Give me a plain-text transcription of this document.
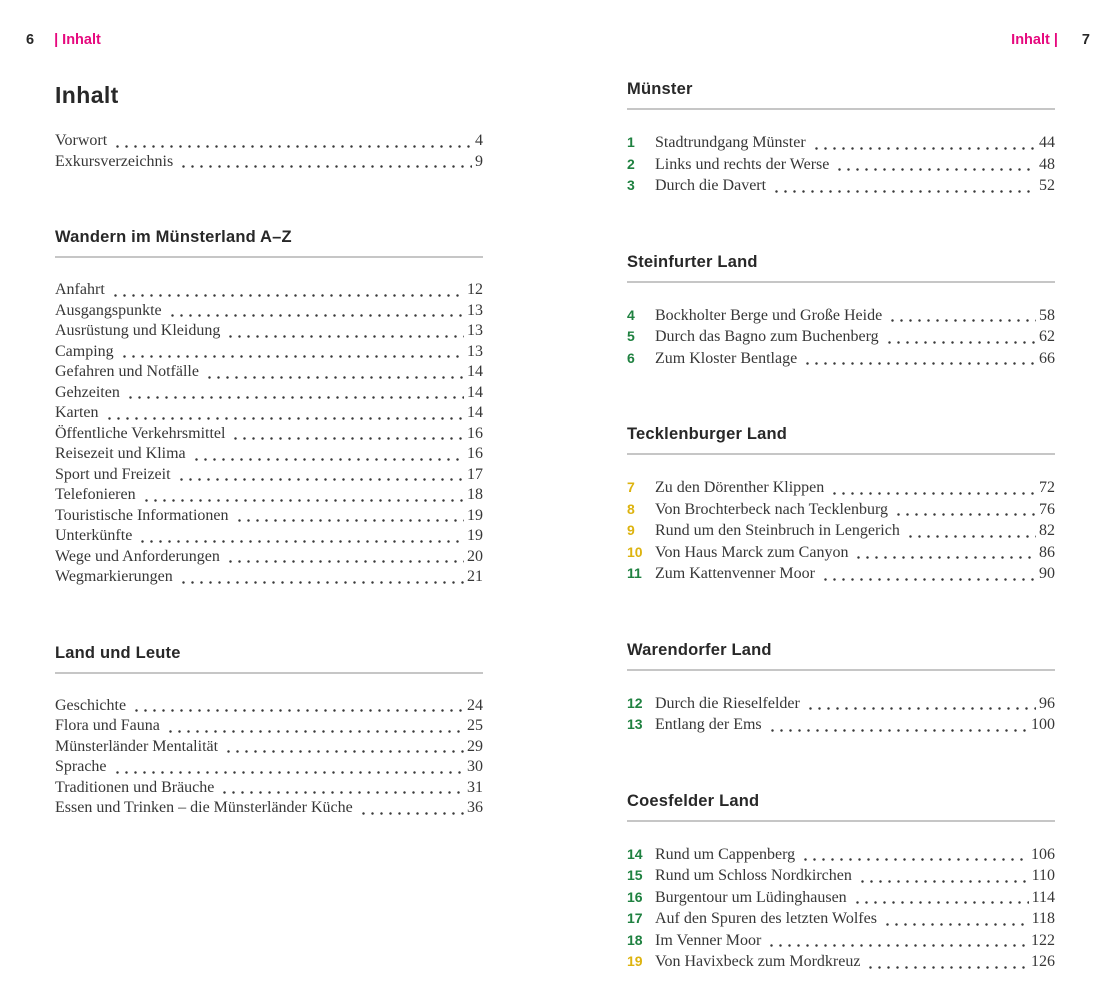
6 | Inhalt	Inhalt | 7
Inhalt
Vorwort	4
Exkursverzeichnis	9
Wandern im Münsterland A–Z
Anfahrt	12
Ausgangspunkte	13
Ausrüstung und Kleidung	13
Camping	13
Gefahren und Notfälle	14
Gehzeiten	14
Karten	14
Öffentliche Verkehrsmittel	16
Reisezeit und Klima	16
Sport und Freizeit	17
Telefonieren	18
Touristische Informationen	19
Unterkünfte	19
Wege und Anforderungen	20
Wegmarkierungen	21
Land und Leute
Geschichte	24
Flora und Fauna	25
Münsterländer Mentalität	29
Sprache	30
Traditionen und Bräuche	31
Essen und Trinken – die Münsterländer Küche	36
Münster
1	Stadtrundgang Münster	44
2	Links und rechts der Werse	48
3	Durch die Davert	52
Steinfurter Land
4	Bockholter Berge und Große Heide	58
5	Durch das Bagno zum Buchenberg	62
6	Zum Kloster Bentlage	66
Tecklenburger Land
7	Zu den Dörenther Klippen	72
8	Von Brochterbeck nach Tecklenburg	76
9	Rund um den Steinbruch in Lengerich	82
10 Von Haus Marck zum Canyon	86
11 Zum Kattenvenner Moor	90
Warendorfer Land
12 Durch die Rieselfelder	96
13 Entlang der Ems	100
Coesfelder Land
14 Rund um Cappenberg	106
15 Rund um Schloss Nordkirchen	110
16 Burgentour um Lüdinghausen	114
17 Auf den Spuren des letzten Wolfes	118
18 Im Venner Moor	122
19 Von Havixbeck zum Mordkreuz	126
